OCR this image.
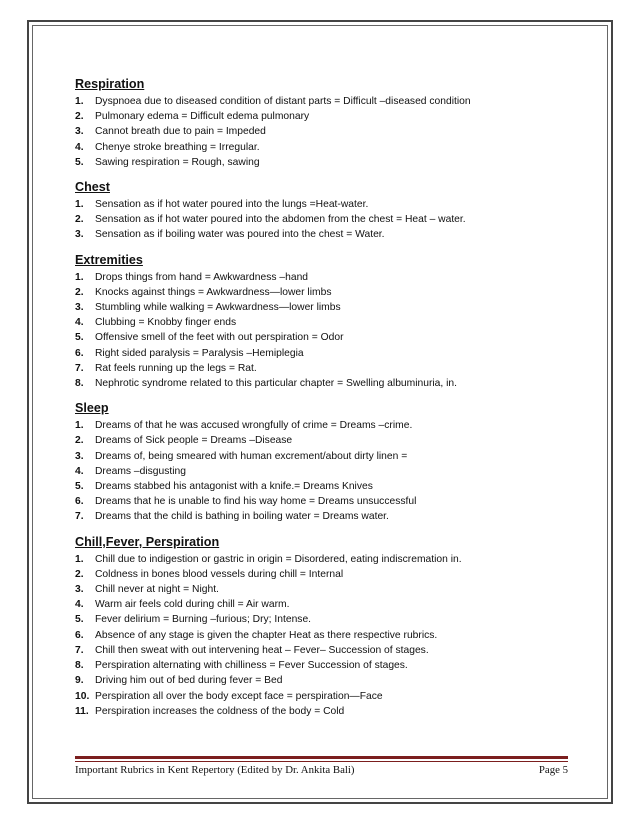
Respiration
1.	Dyspnoea due to diseased condition of distant parts = Difficult –diseased condition
2.	Pulmonary edema = Difficult edema pulmonary
3.	Cannot breath due to pain = Impeded
4.	Chenye stroke breathing = Irregular.
5.	Sawing respiration = Rough, sawing
Chest
1.	Sensation as if hot water poured into the lungs =Heat-water.
2.	Sensation as if hot water poured into the abdomen from the chest = Heat – water.
3.	Sensation as if boiling water was poured into the chest = Water.
Extremities
1.	Drops things from hand = Awkwardness –hand
2.	Knocks against things = Awkwardness—lower limbs
3.	Stumbling while walking = Awkwardness—lower limbs
4.	Clubbing = Knobby finger ends
5.	Offensive smell of the feet with out perspiration = Odor
6.	Right sided paralysis = Paralysis –Hemiplegia
7.	Rat feels running up the legs = Rat.
8.	Nephrotic syndrome related to this particular chapter = Swelling albuminuria, in.
Sleep
1.	Dreams of that he was accused wrongfully of crime = Dreams –crime.
2.	Dreams of Sick people = Dreams –Disease
3.	Dreams of, being smeared with human excrement/about dirty linen =
4.	Dreams –disgusting
5.	Dreams stabbed his antagonist with a knife.= Dreams Knives
6.	Dreams that he is unable to find his way home = Dreams unsuccessful
7.	Dreams that the child is bathing in boiling water = Dreams water.
Chill,Fever, Perspiration
1.	Chill due to indigestion or gastric in origin = Disordered, eating indiscremation in.
2.	Coldness in bones blood vessels during chill = Internal
3.	Chill never at night = Night.
4.	Warm air feels cold during chill = Air warm.
5.	Fever delirium = Burning –furious; Dry; Intense.
6.	Absence of any stage is given the chapter Heat as there respective rubrics.
7.	Chill then sweat with out intervening heat – Fever– Succession of stages.
8.	Perspiration alternating with chilliness = Fever Succession of stages.
9.	Driving him out of bed during fever = Bed
10. Perspiration all over the body except face = perspiration—Face
11. Perspiration increases the coldness of the body = Cold
Important Rubrics in Kent Repertory (Edited by Dr. Ankita Bali)	Page 5
